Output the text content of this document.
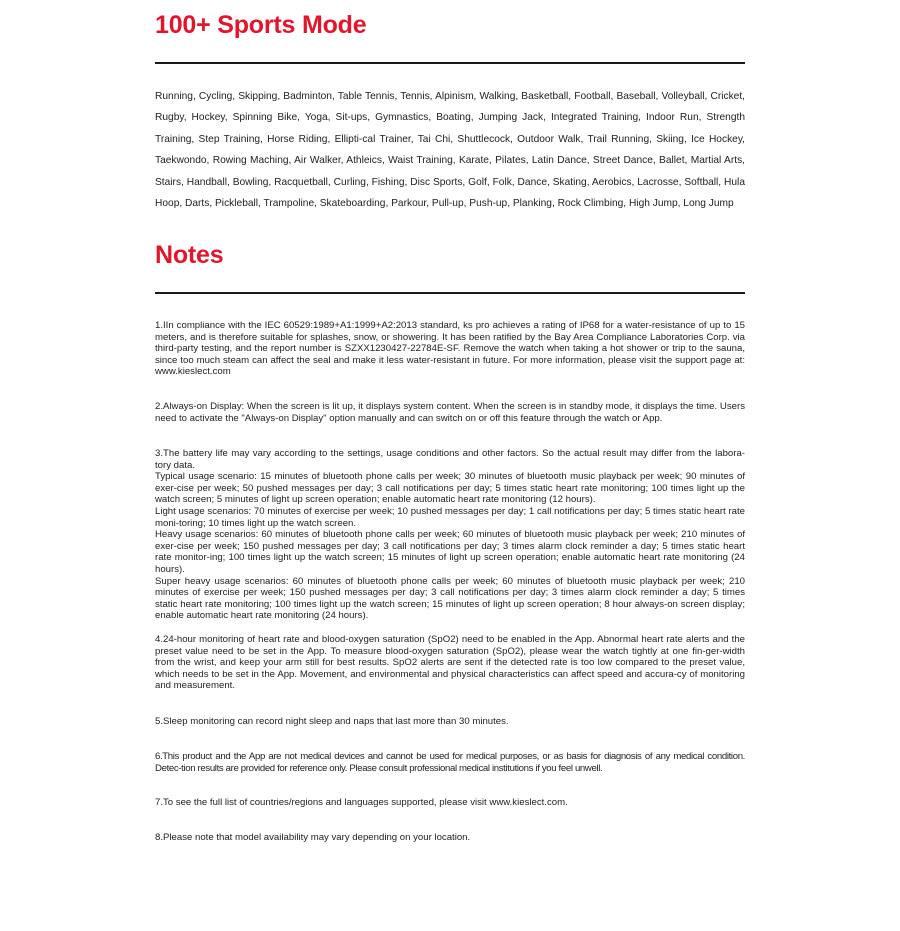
100+ Sports Mode
Running, Cycling, Skipping, Badminton, Table Tennis, Tennis, Alpinism, Walking, Basketball, Football, Baseball, Volleyball, Cricket, Rugby, Hockey, Spinning Bike, Yoga, Sit-ups, Gymnastics, Boating, Jumping Jack, Integrated Training, Indoor Run, Strength Training, Step Training, Horse Riding, Ellipti-cal Trainer, Tai Chi, Shuttlecock, Outdoor Walk, Trail Running, Skiing, Ice Hockey, Taekwondo, Rowing Maching, Air Walker, Athleics, Waist Training, Karate, Pilates, Latin Dance, Street Dance, Ballet, Martial Arts, Stairs, Handball, Bowling, Racquetball, Curling, Fishing, Disc Sports, Golf, Folk, Dance, Skating, Aerobics, Lacrosse, Softball, Hula Hoop, Darts, Pickleball, Trampoline, Skateboarding, Parkour, Pull-up, Push-up, Planking, Rock Climbing, High Jump, Long Jump
Notes
1.IIn compliance with the IEC 60529:1989+A1:1999+A2:2013 standard, ks pro achieves a rating of IP68 for a water-resistance of up to 15 meters, and is therefore suitable for splashes, snow, or showering. It has been ratified by the Bay Area Compliance Laboratories Corp. via third-party testing, and the report number is SZXX1230427-22784E-SF. Remove the watch when taking a hot shower or trip to the sauna, since too much steam can affect the seal and make it less water-resistant in future. For more information, please visit the support page at: www.kieslect.com
2.Always-on Display: When the screen is lit up, it displays system content. When the screen is in standby mode, it displays the time. Users need to activate the "Always-on Display" option manually and can switch on or off this feature through the watch or App.

3.The battery life may vary according to the settings, usage conditions and other factors. So the actual result may differ from the labora-tory data.

Typical usage scenario: 15 minutes of bluetooth phone calls per week; 30 minutes of bluetooth music playback per week; 90 minutes of exer-cise per week; 50 pushed messages per day; 3 call notifications per day; 5 times static heart rate monitoring; 100 times light up the watch screen; 5 minutes of light up screen operation; enable automatic heart rate monitoring (12 hours).

Light usage scenarios: 70 minutes of exercise per week; 10 pushed messages per day; 1 call notifications per day; 5 times static heart rate moni-toring; 10 times light up the watch screen.

Heavy usage scenarios: 60 minutes of bluetooth phone calls per week; 60 minutes of bluetooth music playback per week; 210 minutes of exer-cise per week; 150 pushed messages per day; 3 call notifications per day; 3 times alarm clock reminder a day; 5 times static heart rate monitor-ing; 100 times light up the watch screen; 15 minutes of light up screen operation; enable automatic heart rate monitoring (24 hours).

Super heavy usage scenarios: 60 minutes of bluetooth phone calls per week; 60 minutes of bluetooth music playback per week; 210 minutes of exercise per week; 150 pushed messages per day; 3 call notifications per day; 3 times alarm clock reminder a day; 5 times static heart rate monitoring; 100 times light up the watch screen; 15 minutes of light up screen operation; 8 hour always-on screen display; enable automatic heart rate monitoring (24 hours).

4.24-hour monitoring of heart rate and blood-oxygen saturation (SpO2) need to be enabled in the App. Abnormal heart rate alerts and the preset value need to be set in the App. To measure blood-oxygen saturation (SpO2), please wear the watch tightly at one fin-ger-width from the wrist, and keep your arm still for best results. SpO2 alerts are sent if the detected rate is too low compared to the preset value, which needs to be set in the App. Movement, and environmental and physical characteristics can affect speed and accura-cy of monitoring and measurement.
5.Sleep monitoring can record night sleep and naps that last more than 30 minutes.
6.This product and the App are not medical devices and cannot be used for medical purposes, or as basis for diagnosis of any medical condition. Detec-tion results are provided for reference only. Please consult professional medical institutions if you feel unwell.
7.To see the full list of countries/regions and languages supported, please visit www.kieslect.com.
8.Please note that model availability may vary depending on your location.
